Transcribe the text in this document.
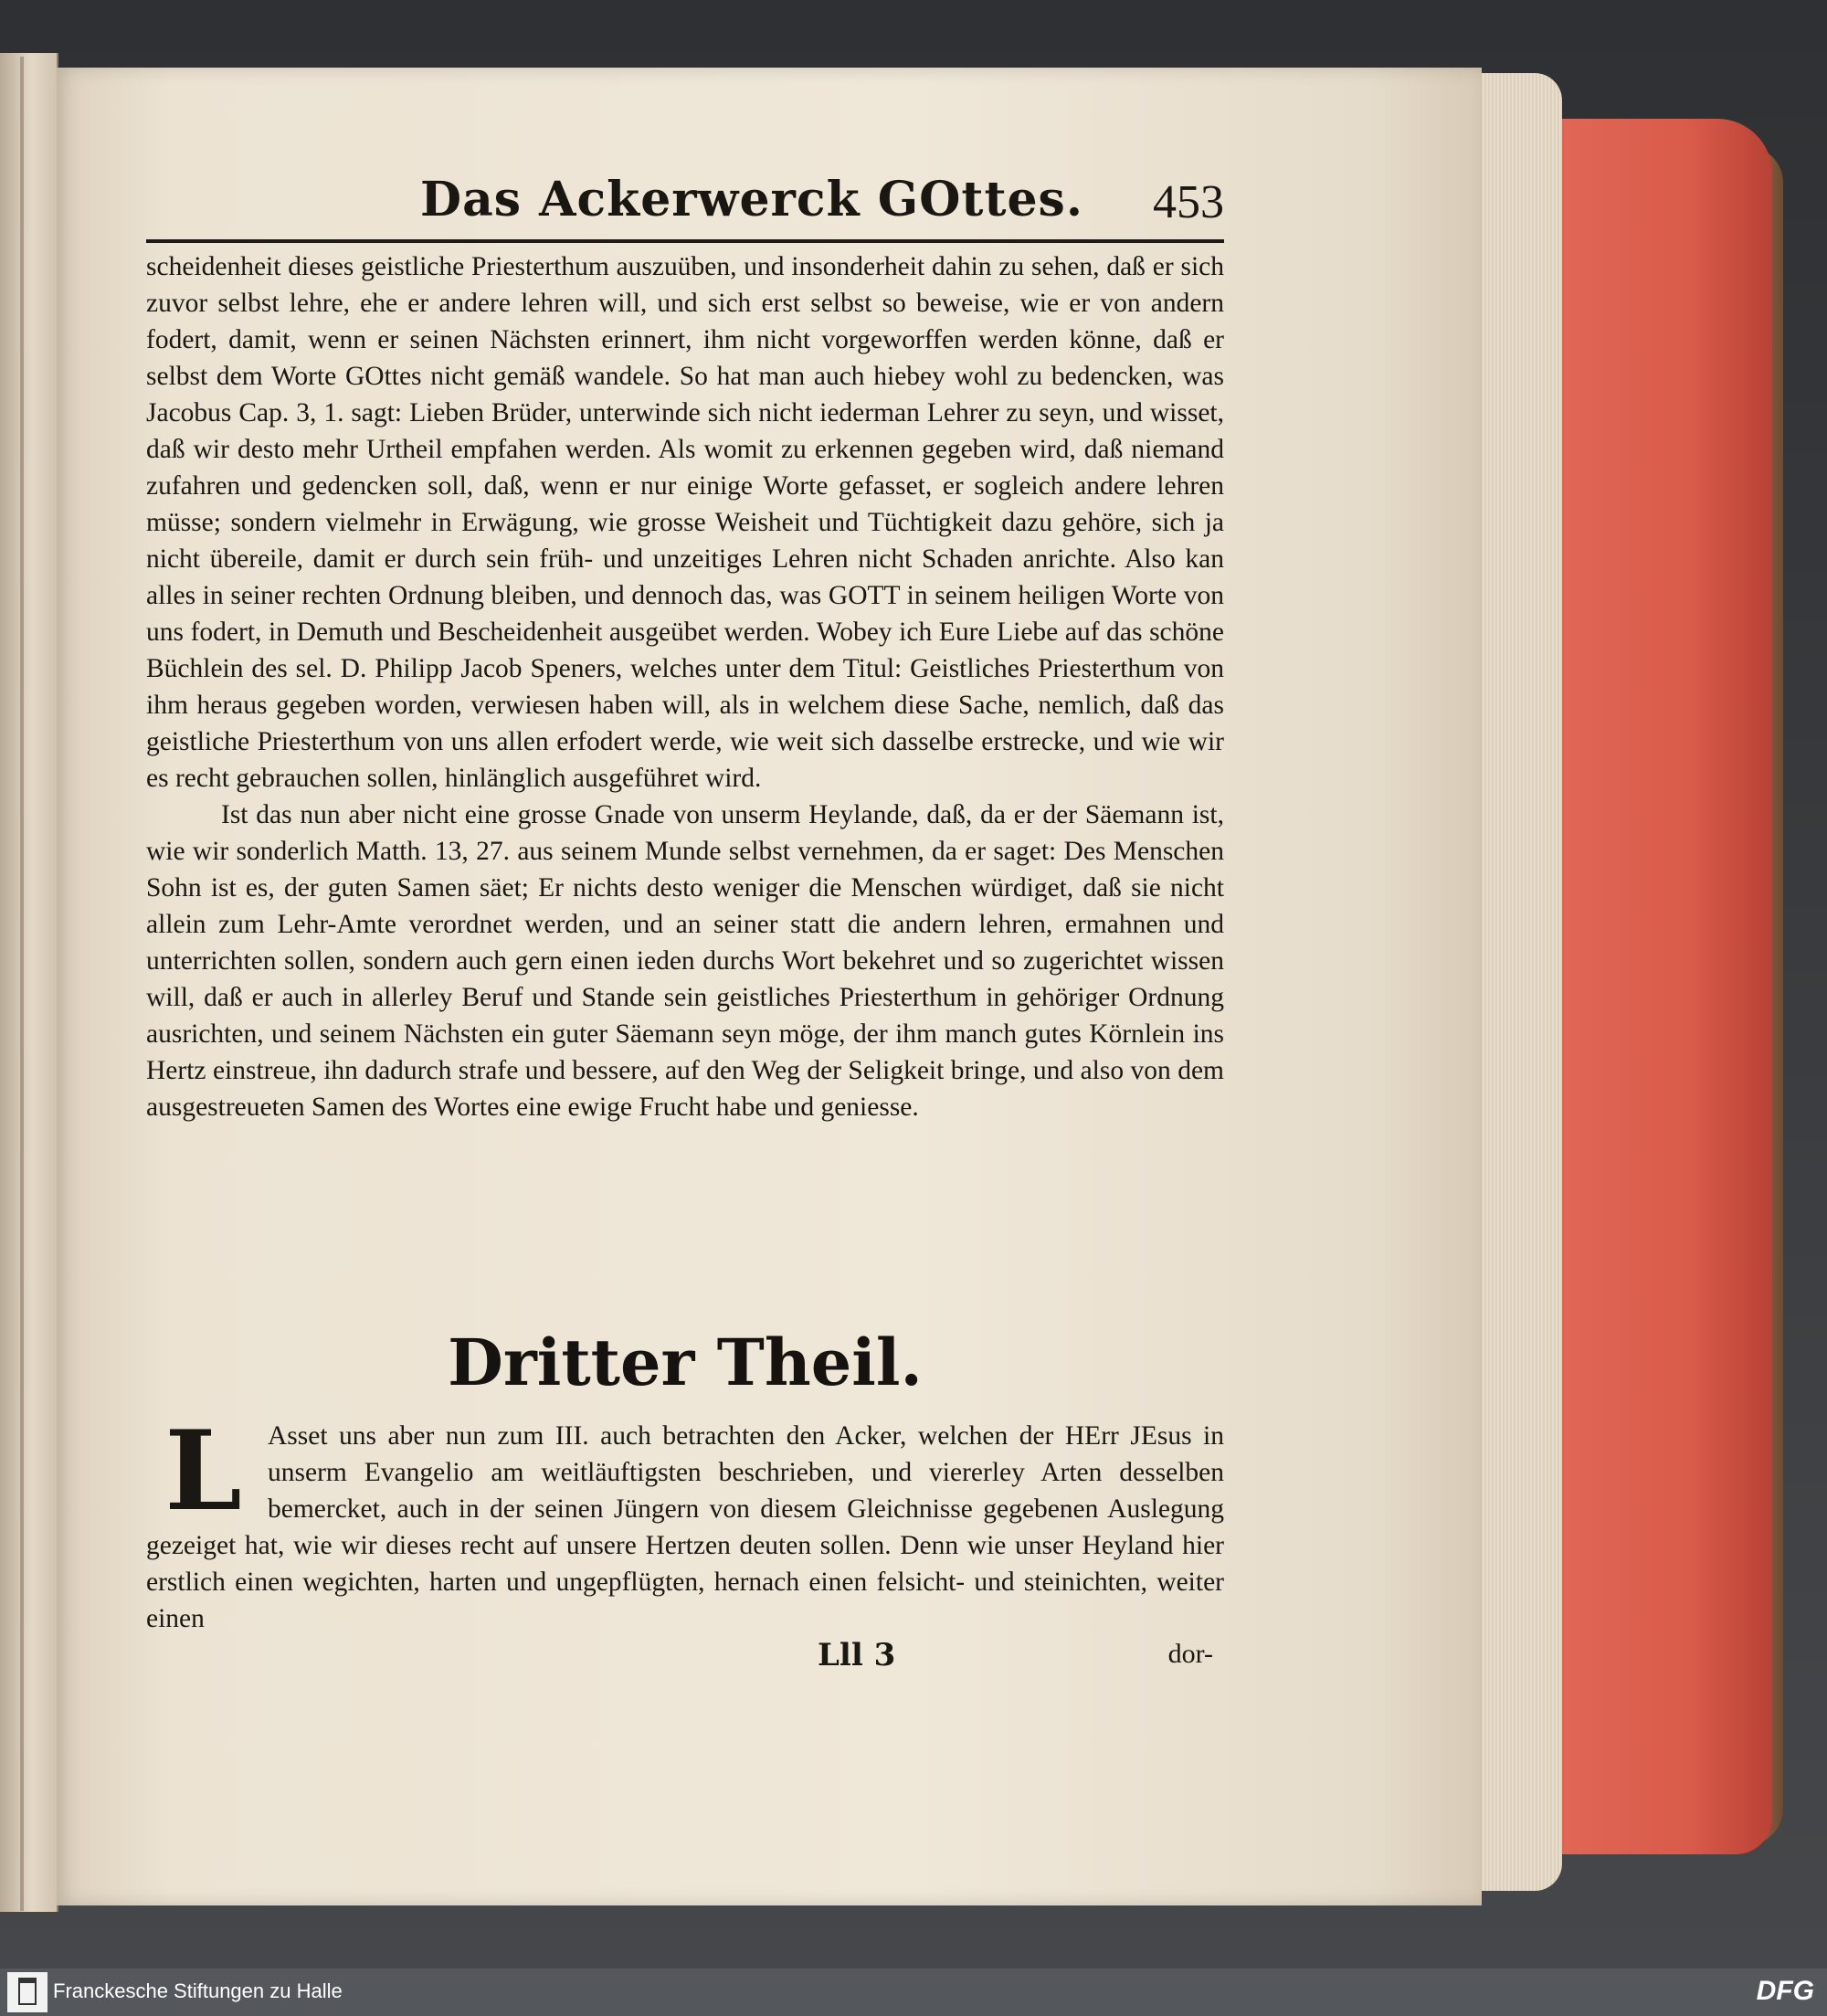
Das Ackerwerck GOttes. 453

scheidenheit dieses geistliche Priesterthum auszuüben, und insonderheit dahin zu sehen, daß er sich zuvor selbst lehre, ehe er andere lehren will, und sich erst selbst so beweise, wie er von andern fodert, damit, wenn er seinen Nächsten erinnert, ihm nicht vorgeworffen werden könne, daß er selbst dem Worte GOttes nicht gemäß wandele. So hat man auch hiebey wohl zu bedencken, was Jacobus Cap. 3, 1. sagt: Lieben Brüder, unterwinde sich nicht iederman Lehrer zu seyn, und wisset, daß wir desto mehr Urtheil empfahen werden. Als womit zu erkennen gegeben wird, daß niemand zufahren und gedencken soll, daß, wenn er nur einige Worte gefasset, er sogleich andere lehren müsse; sondern vielmehr in Erwägung, wie grosse Weisheit und Tüchtigkeit dazu gehöre, sich ja nicht übereile, damit er durch sein früh- und unzeitiges Lehren nicht Schaden anrichte. Also kan alles in seiner rechten Ordnung bleiben, und dennoch das, was GOTT in seinem heiligen Worte von uns fodert, in Demuth und Bescheidenheit ausgeübet werden. Wobey ich Eure Liebe auf das schöne Büchlein des sel. D. Philipp Jacob Speners, welches unter dem Titul: Geistliches Priesterthum von ihm heraus gegeben worden, verwiesen haben will, als in welchem diese Sache, nemlich, daß das geistliche Priesterthum von uns allen erfodert werde, wie weit sich dasselbe erstrecke, und wie wir es recht gebrauchen sollen, hinlänglich ausgeführet wird.

Ist das nun aber nicht eine grosse Gnade von unserm Heylande, daß, da er der Säemann ist, wie wir sonderlich Matth. 13, 27. aus seinem Munde selbst vernehmen, da er saget: Des Menschen Sohn ist es, der guten Samen säet; Er nichts desto weniger die Menschen würdiget, daß sie nicht allein zum Lehr-Amte verordnet werden, und an seiner statt die andern lehren, ermahnen und unterrichten sollen, sondern auch gern einen ieden durchs Wort bekehret und so zugerichtet wissen will, daß er auch in allerley Beruf und Stande sein geistliches Priesterthum in gehöriger Ordnung ausrichten, und seinem Nächsten ein guter Säemann seyn möge, der ihm manch gutes Körnlein ins Hertz einstreue, ihn dadurch strafe und bessere, auf den Weg der Seligkeit bringe, und also von dem ausgestreueten Samen des Wortes eine ewige Frucht habe und geniesse.

Dritter Theil.
L Asset uns aber nun zum III. auch betrachten den Acker, welchen der HErr JEsus in unserm Evangelio am weitläuftigsten beschrieben, und viererley Arten desselben bemercket, auch in der seinen Jüngern von diesem Gleichnisse gegebenen Auslegung gezeiget hat, wie wir dieses recht auf unsere Hertzen deuten sollen. Denn wie unser Heyland hier erstlich einen wegichten, harten und ungepflügten, hernach einen felsicht- und steinichten, weiter einen
Lll 3	dor-
Franckesche Stiftungen zu Halle	DFG
